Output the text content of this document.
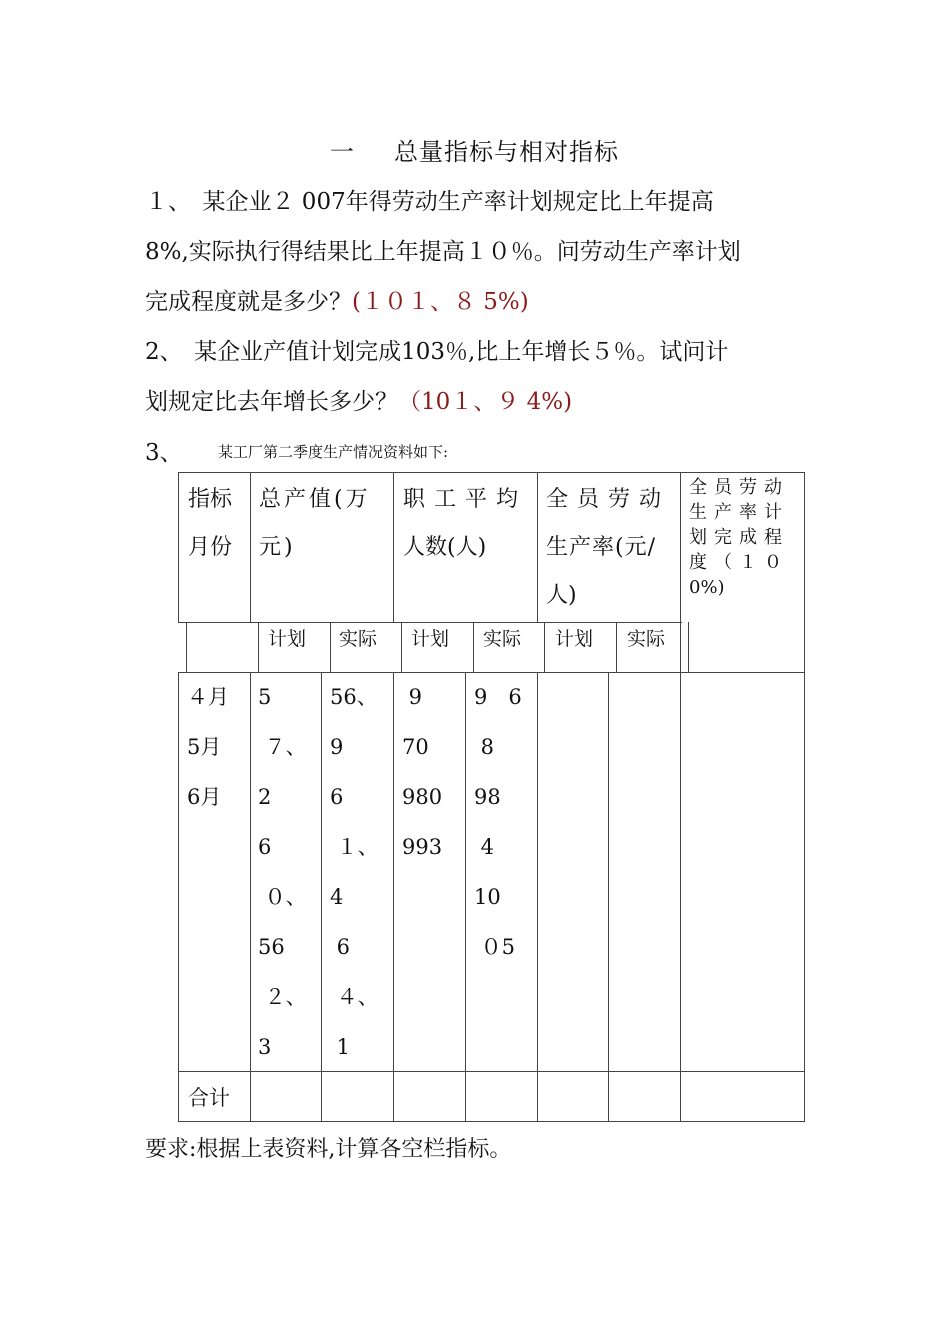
一 总量指标与相对指标
１、　某企业２ 007年得劳动生产率计划规定比上年提高
8%,实际执行得结果比上年提高１０％。问劳动生产率计划
完成程度就是多少？(１０１、８ 5%)
2、　某企业产值计划完成103％,比上年增长５％。试问计
划规定比去年增长多少？（10１、９ 4%)
3、 某工厂第二季度生产情况资料如下:
指标
月份
总产值(万
元)
职工平均
人数(人)
全员劳动
生产率(元/
人)
全员劳动
生产率计
划完成程
度（１０
0%)
计划 实际 计划 实际 计划 实际
４月
5月
6月
5
７、
2
6
０、
56
２、
3
56、
9
6
１、
4
6
４、
1
9
70
980
993
9　6
8
98
4
10
０5
合计
要求:根据上表资料,计算各空栏指标。
